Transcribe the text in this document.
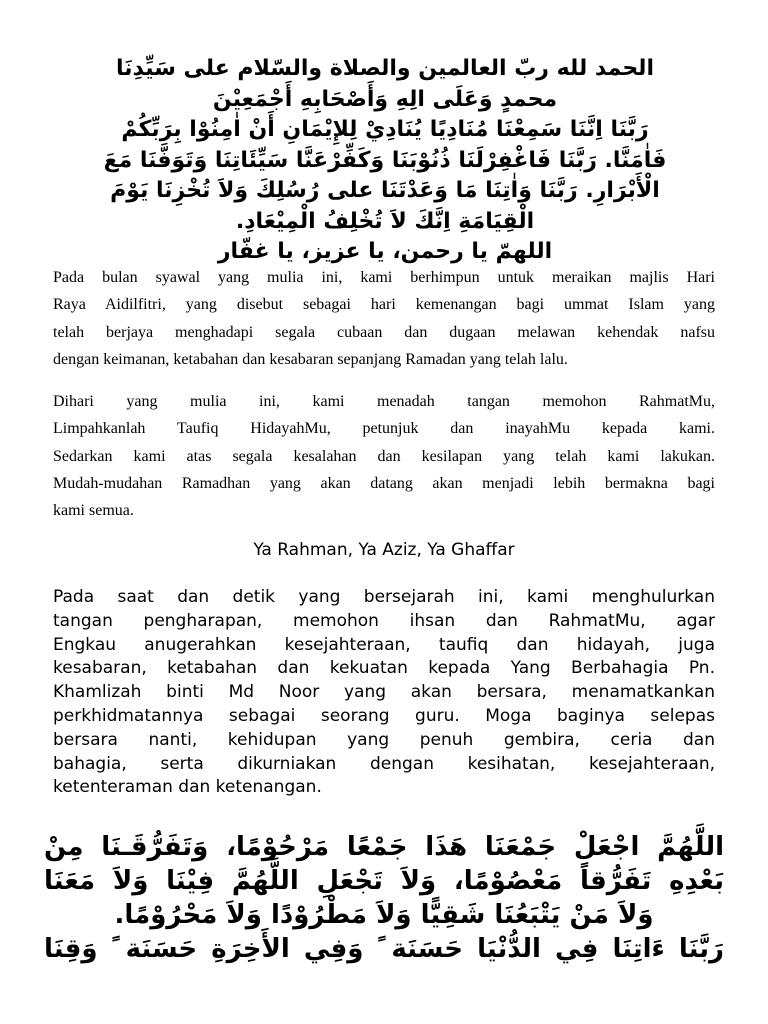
الحمد لله ربّ العالمين والصلاة والسّلام على سَيِّدِنَا
محمدٍ وَعَلَى الِهِ وَأَصْحَابِهِ أَجْمَعِيْنَ
رَبَّنَا اِنَّنَا سَمِعْنَا مُنَادِيًا يُنَادِيْ لِلإِيْمَانِ أَنْ اٰمِنُوْا بِرَبِّكُمْ
فَاٰمَنَّا. رَبَّنَا فَاغْفِرْلَنَا ذُنُوْبَنَا وَكَفِّرْعَنَّا سَيِّئَاتِنَا وَتَوَفَّنَا مَعَ
الْأَبْرَارِ. رَبَّنَا وَاٰتِنَا مَا وَعَدْتَنَا على رُسُلِكَ وَلاَ تُخْزِنَا يَوْمَ
الْقِيَامَةِ اِنَّكَ لاَ تُخْلِفُ الْمِيْعَادِ.
اللهمّ يا رحمن، يا عزيز، يا غفّار
Pada bulan syawal yang mulia ini, kami berhimpun untuk meraikan majlis Hari
Raya Aidilfitri, yang disebut sebagai hari kemenangan bagi ummat Islam yang
telah berjaya menghadapi segala cubaan dan dugaan melawan kehendak nafsu
dengan keimanan, ketabahan dan kesabaran sepanjang Ramadan yang telah lalu.
Dihari yang mulia ini, kami menadah tangan memohon RahmatMu,
Limpahkanlah Taufiq HidayahMu, petunjuk dan inayahMu kepada kami.
Sedarkan kami atas segala kesalahan dan kesilapan yang telah kami lakukan.
Mudah-mudahan Ramadhan yang akan datang akan menjadi lebih bermakna bagi
kami semua.
Ya Rahman, Ya Aziz, Ya Ghaffar
Pada saat dan detik yang bersejarah ini, kami menghulurkan
tangan pengharapan, memohon ihsan dan RahmatMu, agar
Engkau anugerahkan kesejahteraan, taufiq dan hidayah, juga
kesabaran, ketabahan dan kekuatan kepada Yang Berbahagia Pn.
Khamlizah binti Md Noor yang akan bersara, menamatkankan
perkhidmatannya sebagai seorang guru. Moga baginya selepas
bersara nanti, kehidupan yang penuh gembira, ceria dan
bahagia, serta dikurniakan dengan kesihatan, kesejahteraan,
ketenteraman dan ketenangan.
اللَّهُمَّ اجْعَلْ جَمْعَنَا هَذَا جَمْعًا مَرْحُوْمًا، وَتَفَرُّقَـنَا مِنْ
بَعْدِهِ تَفَرُّقاً مَعْصُوْمًا، وَلاَ تَجْعَلِ اللَّهُمَّ فِيْنَا وَلاَ مَعَنَا
وَلاَ مَنْ يَتْبَعُنَا شَقِيًّا وَلاَ مَطْرُوْدًا وَلاَ مَحْرُوْمًا.
رَبَّنَا ءَاتِنَا فِي الدُّنْيَا حَسَنَة ً وَفِي الأَخِرَةِ حَسَنَة ً وَقِنَا
